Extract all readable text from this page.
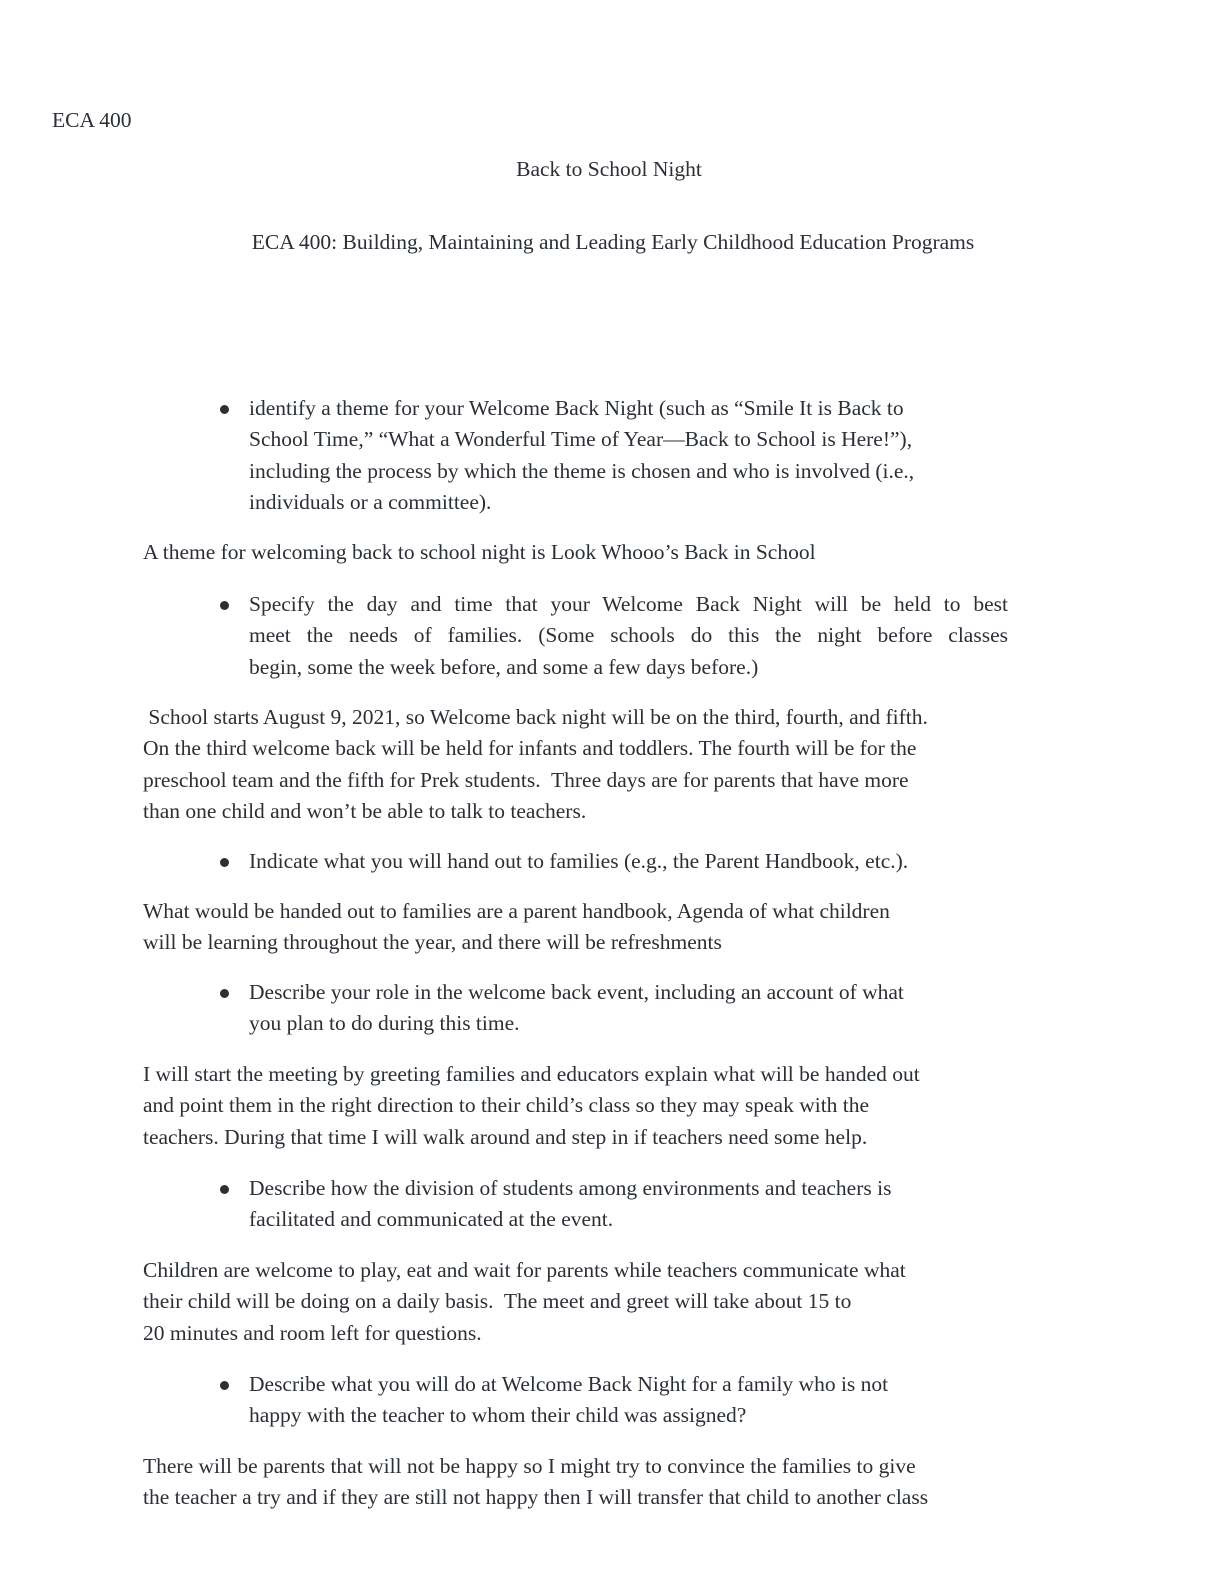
ECA 400
Back to School Night
ECA 400: Building, Maintaining and Leading Early Childhood Education Programs
identify a theme for your Welcome Back Night (such as “Smile It is Back to
School Time,” “What a Wonderful Time of Year—Back to School is Here!”),
including the process by which the theme is chosen and who is involved (i.e.,
individuals or a committee).
A theme for welcoming back to school night is Look Whooo’s Back in School
Specify the day and time that your Welcome Back Night will be held to best
meet the needs of families. (Some schools do this the night before classes
begin, some the week before, and some a few days before.)
School starts August 9, 2021, so Welcome back night will be on the third, fourth, and fifth.
On the third welcome back will be held for infants and toddlers. The fourth will be for the
preschool team and the fifth for Prek students.  Three days are for parents that have more
than one child and won’t be able to talk to teachers.
Indicate what you will hand out to families (e.g., the Parent Handbook, etc.).
What would be handed out to families are a parent handbook, Agenda of what children
will be learning throughout the year, and there will be refreshments
Describe your role in the welcome back event, including an account of what
you plan to do during this time.
I will start the meeting by greeting families and educators explain what will be handed out
and point them in the right direction to their child’s class so they may speak with the
teachers. During that time I will walk around and step in if teachers need some help.
Describe how the division of students among environments and teachers is
facilitated and communicated at the event.
Children are welcome to play, eat and wait for parents while teachers communicate what
their child will be doing on a daily basis.  The meet and greet will take about 15 to
20 minutes and room left for questions.
Describe what you will do at Welcome Back Night for a family who is not
happy with the teacher to whom their child was assigned?
There will be parents that will not be happy so I might try to convince the families to give
the teacher a try and if they are still not happy then I will transfer that child to another class
